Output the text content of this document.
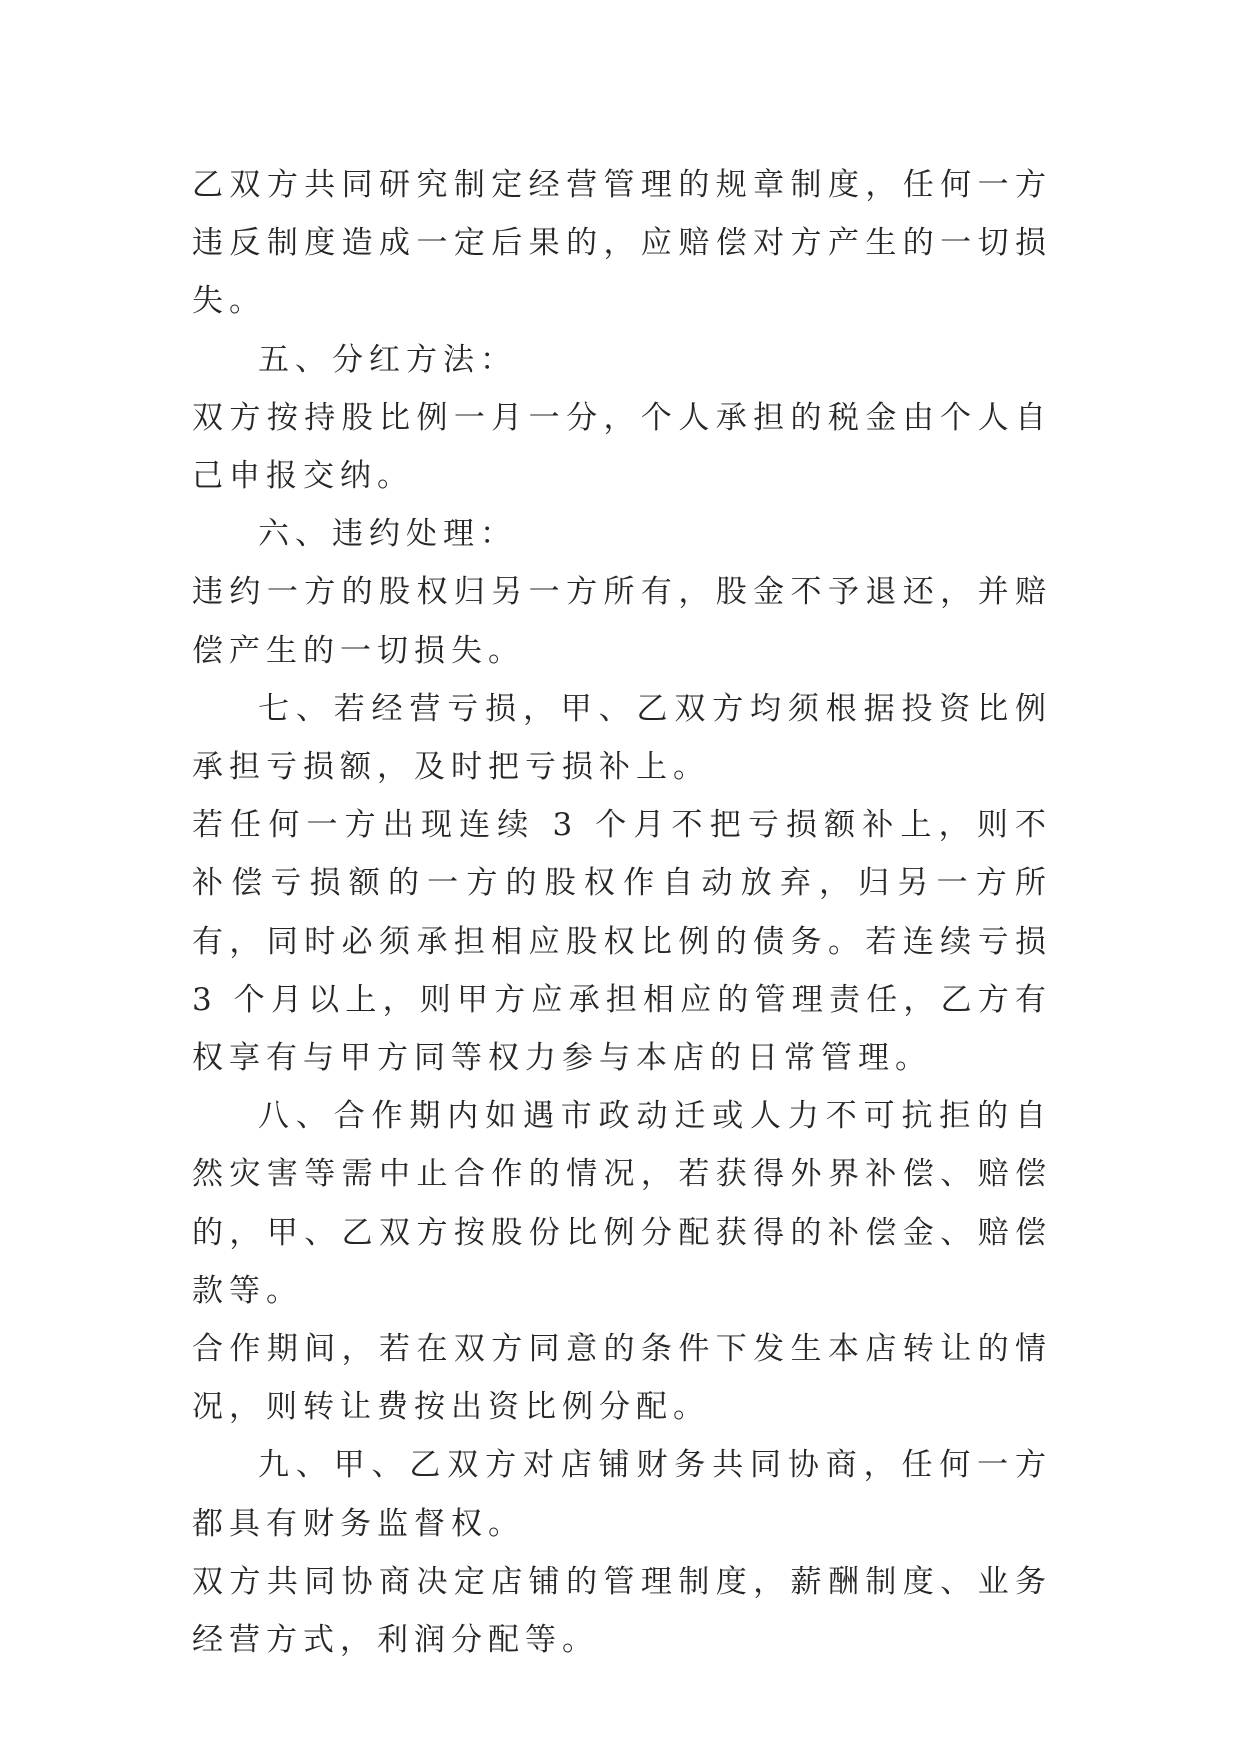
乙双方共同研究制定经营管理的规章制度，任何一方违反制度造成一定后果的，应赔偿对方产生的一切损失。

五、分红方法：

双方按持股比例一月一分，个人承担的税金由个人自己申报交纳。

六、违约处理：

违约一方的股权归另一方所有，股金不予退还，并赔偿产生的一切损失。

七、若经营亏损，甲、乙双方均须根据投资比例承担亏损额，及时把亏损补上。

若任何一方出现连续 3 个月不把亏损额补上，则不补偿亏损额的一方的股权作自动放弃，归另一方所有，同时必须承担相应股权比例的债务。若连续亏损 3 个月以上，则甲方应承担相应的管理责任，乙方有权享有与甲方同等权力参与本店的日常管理。

八、合作期内如遇市政动迁或人力不可抗拒的自然灾害等需中止合作的情况，若获得外界补偿、赔偿的，甲、乙双方按股份比例分配获得的补偿金、赔偿款等。

合作期间，若在双方同意的条件下发生本店转让的情况，则转让费按出资比例分配。

九、甲、乙双方对店铺财务共同协商，任何一方都具有财务监督权。

双方共同协商决定店铺的管理制度，薪酬制度、业务经营方式，利润分配等。
